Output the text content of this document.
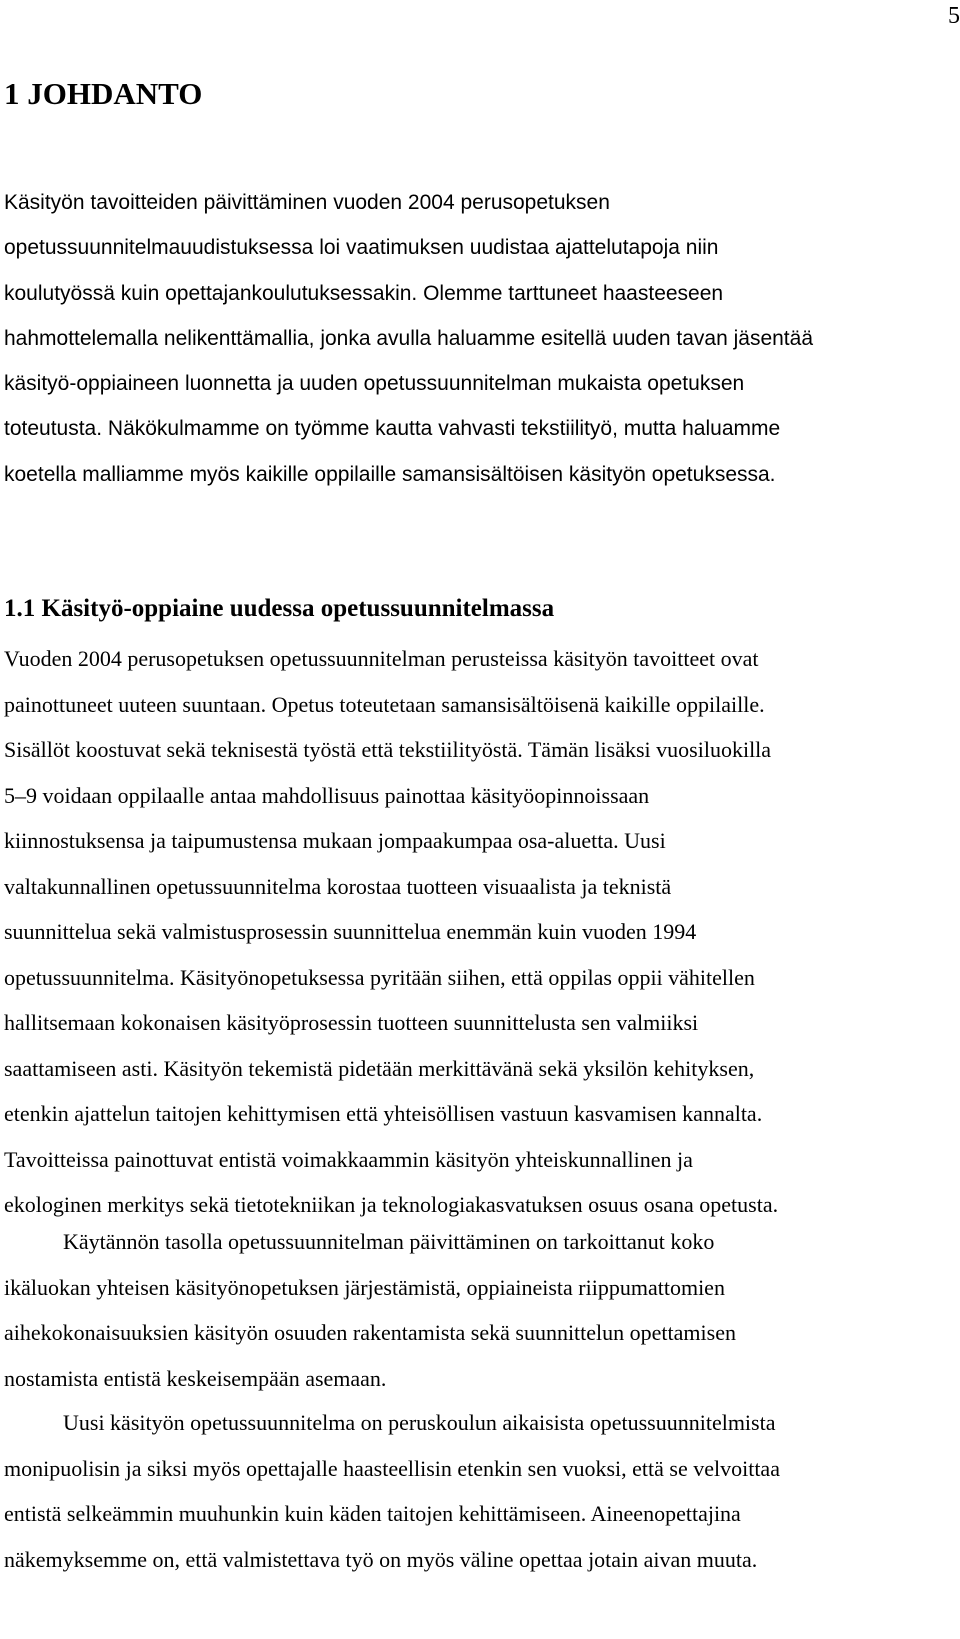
5
1 JOHDANTO

Käsityön tavoitteiden päivittäminen vuoden 2004 perusopetuksen
opetussuunnitelmauudistuksessa loi vaatimuksen uudistaa ajattelutapoja niin
koulutyössä kuin opettajankoulutuksessakin. Olemme tarttuneet haasteeseen
hahmottelemalla nelikenttämallia, jonka avulla haluamme esitellä uuden tavan jäsentää
käsityö-oppiaineen luonnetta ja uuden opetussuunnitelman mukaista opetuksen
toteutusta. Näkökulmamme on työmme kautta vahvasti tekstiilityö, mutta haluamme
koetella malliamme myös kaikille oppilaille samansisältöisen käsityön opetuksessa.

1.1 Käsityö-oppiaine uudessa opetussuunnitelmassa

Vuoden 2004 perusopetuksen opetussuunnitelman perusteissa käsityön tavoitteet ovat
painottuneet uuteen suuntaan. Opetus toteutetaan samansisältöisenä kaikille oppilaille.
Sisällöt koostuvat sekä teknisestä työstä että tekstiilityöstä. Tämän lisäksi vuosiluokilla
5–9 voidaan oppilaalle antaa mahdollisuus painottaa käsityöopinnoissaan
kiinnostuksensa ja taipumustensa mukaan jompaakumpaa osa-aluetta. Uusi
valtakunnallinen opetussuunnitelma korostaa tuotteen visuaalista ja teknistä
suunnittelua sekä valmistusprosessin suunnittelua enemmän kuin vuoden 1994
opetussuunnitelma. Käsityönopetuksessa pyritään siihen, että oppilas oppii vähitellen
hallitsemaan kokonaisen käsityöprosessin tuotteen suunnittelusta sen valmiiksi
saattamiseen asti. Käsityön tekemistä pidetään merkittävänä sekä yksilön kehityksen,
etenkin ajattelun taitojen kehittymisen että yhteisöllisen vastuun kasvamisen kannalta.
Tavoitteissa painottuvat entistä voimakkaammin käsityön yhteiskunnallinen ja
ekologinen merkitys sekä tietotekniikan ja teknologiakasvatuksen osuus osana opetusta.

Käytännön tasolla opetussuunnitelman päivittäminen on tarkoittanut koko
ikäluokan yhteisen käsityönopetuksen järjestämistä, oppiaineista riippumattomien
aihekokonaisuuksien käsityön osuuden rakentamista sekä suunnittelun opettamisen
nostamista entistä keskeisempään asemaan.

Uusi käsityön opetussuunnitelma on peruskoulun aikaisista opetussuunnitelmista
monipuolisin ja siksi myös opettajalle haasteellisin etenkin sen vuoksi, että se velvoittaa
entistä selkeämmin muuhunkin kuin käden taitojen kehittämiseen. Aineenopettajina
näkemyksemme on, että valmistettava työ on myös väline opettaa jotain aivan muuta.
